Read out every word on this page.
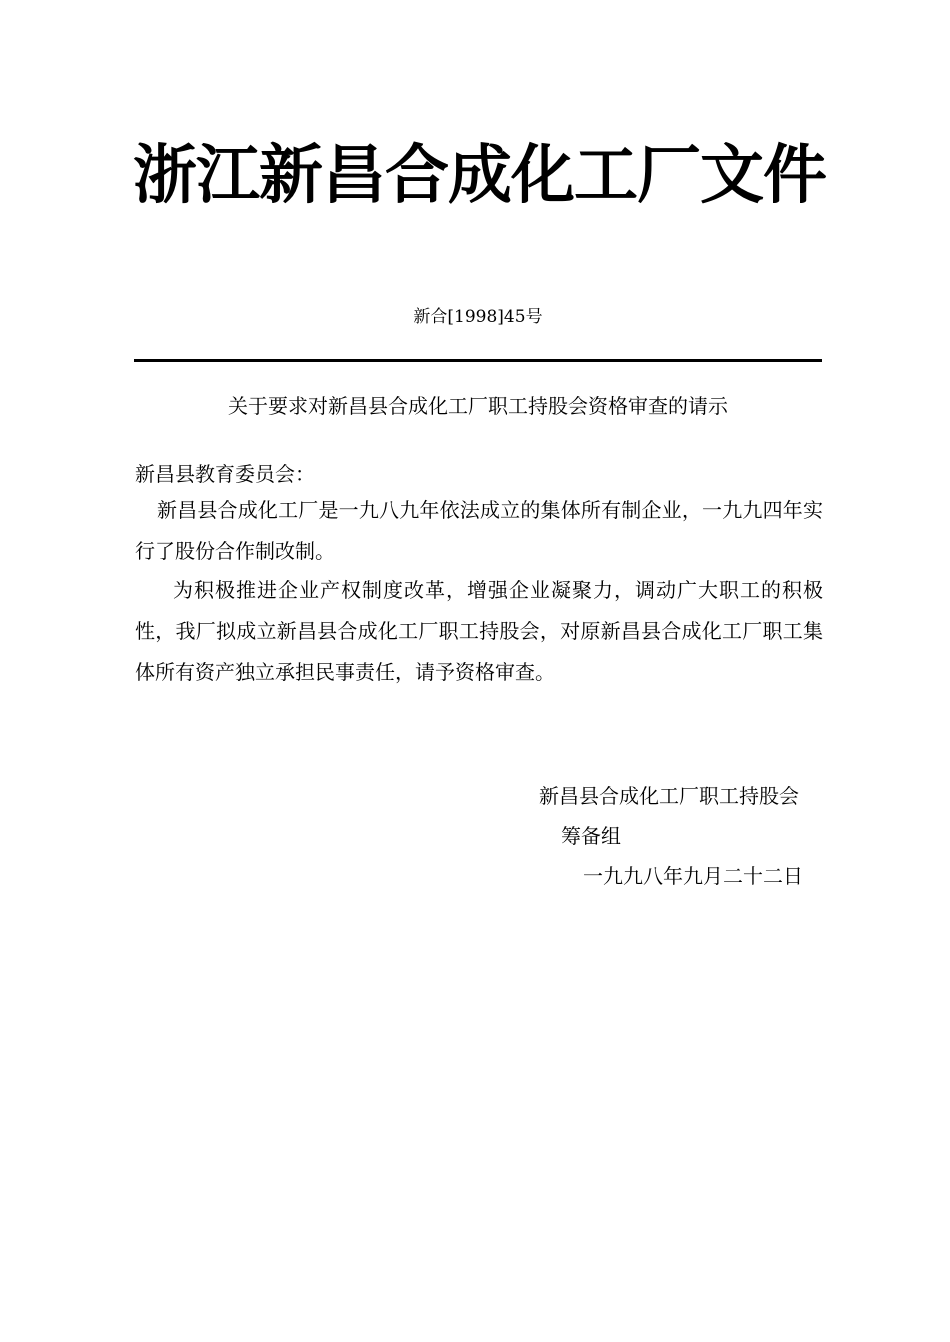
浙江新昌合成化工厂文件
新合[1998]45号
关于要求对新昌县合成化工厂职工持股会资格审查的请示
新昌县教育委员会：
新昌县合成化工厂是一九八九年依法成立的集体所有制企业，一九九四年实行了股份合作制改制。
为积极推进企业产权制度改革，增强企业凝聚力，调动广大职工的积极性，我厂拟成立新昌县合成化工厂职工持股会，对原新昌县合成化工厂职工集体所有资产独立承担民事责任，请予资格审查。
新昌县合成化工厂职工持股会
筹备组
一九九八年九月二十二日
